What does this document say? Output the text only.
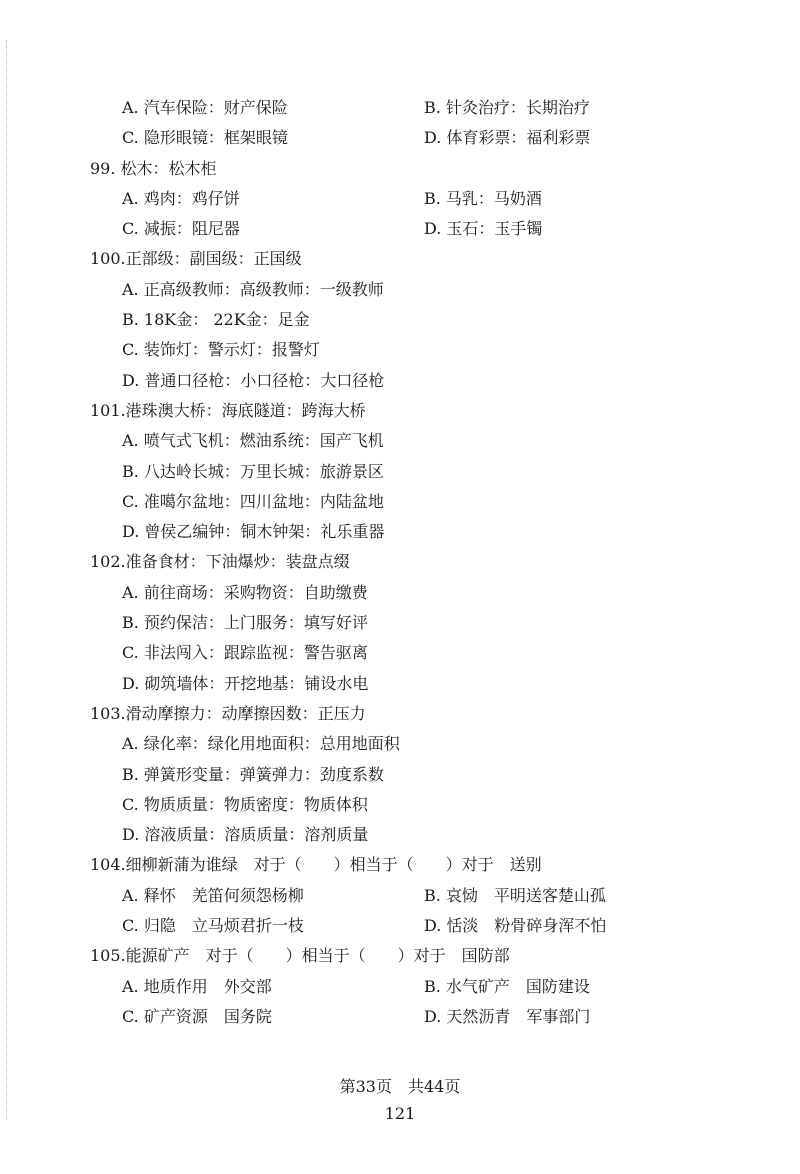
A. 汽车保险：财产保险	B. 针灸治疗：长期治疗
C. 隐形眼镜：框架眼镜	D. 体育彩票：福利彩票
99. 松木：松木柜
A. 鸡肉：鸡仔饼	B. 马乳：马奶酒
C. 减振：阻尼器	D. 玉石：玉手镯
100.正部级：副国级：正国级
A. 正高级教师：高级教师：一级教师
B. 18K金： 22K金：足金
C. 装饰灯：警示灯：报警灯
D. 普通口径枪：小口径枪：大口径枪
101.港珠澳大桥：海底隧道：跨海大桥
A. 喷气式飞机：燃油系统：国产飞机
B. 八达岭长城：万里长城：旅游景区
C. 准噶尔盆地：四川盆地：内陆盆地
D. 曾侯乙编钟：铜木钟架：礼乐重器
102.准备食材：下油爆炒：装盘点缀
A. 前往商场：采购物资：自助缴费
B. 预约保洁：上门服务：填写好评
C. 非法闯入：跟踪监视：警告驱离
D. 砌筑墙体：开挖地基：铺设水电
103.滑动摩擦力：动摩擦因数：正压力
A. 绿化率：绿化用地面积：总用地面积
B. 弹簧形变量：弹簧弹力：劲度系数
C. 物质质量：物质密度：物质体积
D. 溶液质量：溶质质量：溶剂质量
104.细柳新蒲为谁绿　对于（　　）相当于（　　）对于　送别
A. 释怀　羌笛何须怨杨柳	B. 哀恸　平明送客楚山孤
C. 归隐　立马烦君折一枝	D. 恬淡　粉骨碎身浑不怕
105.能源矿产　对于（　　）相当于（　　）对于　国防部
A. 地质作用　外交部	B. 水气矿产　国防建设
C. 矿产资源　国务院	D. 天然沥青　军事部门
第33页　共44页
121
